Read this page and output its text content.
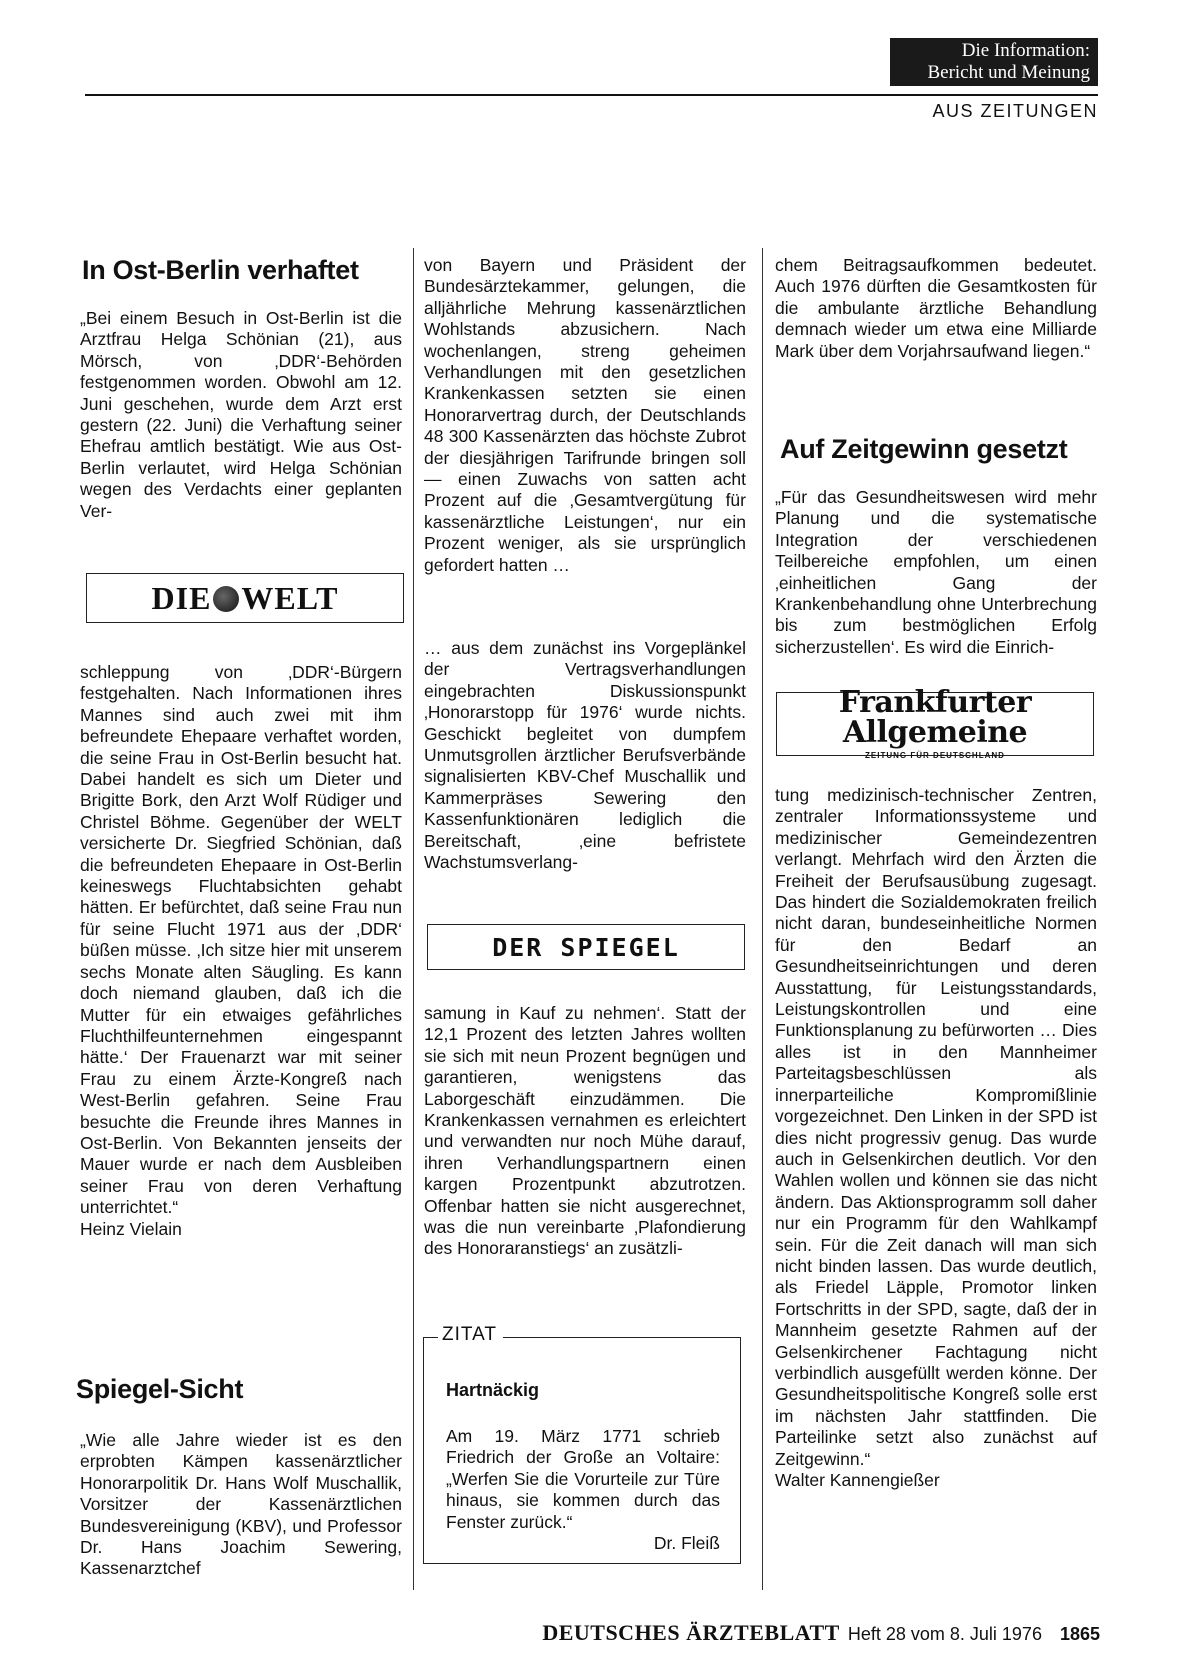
Die Information:
Bericht und Meinung
AUS ZEITUNGEN
In Ost-Berlin verhaftet

„Bei einem Besuch in Ost-Berlin ist die Arztfrau Helga Schönian (21), aus Mörsch, von ‚DDR‘-Behörden festgenommen worden. Obwohl am 12. Juni geschehen, wurde dem Arzt erst gestern (22. Juni) die Verhaftung seiner Ehefrau amtlich bestätigt. Wie aus Ost-Berlin verlautet, wird Helga Schönian wegen des Verdachts einer geplanten Ver-

DIE WELT

schleppung von ‚DDR‘-Bürgern festgehalten. Nach Informationen ihres Mannes sind auch zwei mit ihm befreundete Ehepaare verhaftet worden, die seine Frau in Ost-Berlin besucht hat. Dabei handelt es sich um Dieter und Brigitte Bork, den Arzt Wolf Rüdiger und Christel Böhme. Gegenüber der WELT versicherte Dr. Siegfried Schönian, daß die befreundeten Ehepaare in Ost-Berlin keineswegs Fluchtabsichten gehabt hätten. Er befürchtet, daß seine Frau nun für seine Flucht 1971 aus der ‚DDR‘ büßen müsse. ‚Ich sitze hier mit unserem sechs Monate alten Säugling. Es kann doch niemand glauben, daß ich die Mutter für ein etwaiges gefährliches Fluchthilfeunternehmen eingespannt hätte.‘ Der Frauenarzt war mit seiner Frau zu einem Ärzte-Kongreß nach West-Berlin gefahren. Seine Frau besuchte die Freunde ihres Mannes in Ost-Berlin. Von Bekannten jenseits der Mauer wurde er nach dem Ausbleiben seiner Frau von deren Verhaftung unterrichtet.“

Heinz Vielain

Spiegel-Sicht

„Wie alle Jahre wieder ist es den erprobten Kämpen kassenärztlicher Honorarpolitik Dr. Hans Wolf Muschallik, Vorsitzer der Kassenärztlichen Bundesvereinigung (KBV), und Professor Dr. Hans Joachim Sewering, Kassenarztchef

von Bayern und Präsident der Bundesärztekammer, gelungen, die alljährliche Mehrung kassenärztlichen Wohlstands abzusichern. Nach wochenlangen, streng geheimen Verhandlungen mit den gesetzlichen Krankenkassen setzten sie einen Honorarvertrag durch, der Deutschlands 48 300 Kassenärzten das höchste Zubrot der diesjährigen Tarifrunde bringen soll — einen Zuwachs von satten acht Prozent auf die ‚Gesamtvergütung für kassenärztliche Leistungen‘, nur ein Prozent weniger, als sie ursprünglich gefordert hatten …

… aus dem zunächst ins Vorgeplänkel der Vertragsverhandlungen eingebrachten Diskussionspunkt ‚Honorarstopp für 1976‘ wurde nichts. Geschickt begleitet von dumpfem Unmutsgrollen ärztlicher Berufsverbände signalisierten KBV-Chef Muschallik und Kammerpräses Sewering den Kassenfunktionären lediglich die Bereitschaft, ‚eine befristete Wachstumsverlang-

DER SPIEGEL

samung in Kauf zu nehmen‘. Statt der 12,1 Prozent des letzten Jahres wollten sie sich mit neun Prozent begnügen und garantieren, wenigstens das Laborgeschäft einzudämmen. Die Krankenkassen vernahmen es erleichtert und verwandten nur noch Mühe darauf, ihren Verhandlungspartnern einen kargen Prozentpunkt abzutrotzen. Offenbar hatten sie nicht ausgerechnet, was die nun vereinbarte ‚Plafondierung des Honoraranstiegs‘ an zusätzli-

ZITAT
Hartnäckig

Am 19. März 1771 schrieb Friedrich der Große an Voltaire: „Werfen Sie die Vorurteile zur Türe hinaus, sie kommen durch das Fenster zurück.“

Dr. Fleiß

chem Beitragsaufkommen bedeutet. Auch 1976 dürften die Gesamtkosten für die ambulante ärztliche Behandlung demnach wieder um etwa eine Milliarde Mark über dem Vorjahrsaufwand liegen.“

Auf Zeitgewinn gesetzt

„Für das Gesundheitswesen wird mehr Planung und die systematische Integration der verschiedenen Teilbereiche empfohlen, um einen ‚einheitlichen Gang der Krankenbehandlung ohne Unterbrechung bis zum bestmöglichen Erfolg sicherzustellen‘. Es wird die Einrich-

Frankfurter Allgemeine
ZEITUNG FÜR DEUTSCHLAND

tung medizinisch-technischer Zentren, zentraler Informationssysteme und medizinischer Gemeindezentren verlangt. Mehrfach wird den Ärzten die Freiheit der Berufsausübung zugesagt. Das hindert die Sozialdemokraten freilich nicht daran, bundeseinheitliche Normen für den Bedarf an Gesundheitseinrichtungen und deren Ausstattung, für Leistungsstandards, Leistungskontrollen und eine Funktionsplanung zu befürworten … Dies alles ist in den Mannheimer Parteitagsbeschlüssen als innerparteiliche Kompromißlinie vorgezeichnet. Den Linken in der SPD ist dies nicht progressiv genug. Das wurde auch in Gelsenkirchen deutlich. Vor den Wahlen wollen und können sie das nicht ändern. Das Aktionsprogramm soll daher nur ein Programm für den Wahlkampf sein. Für die Zeit danach will man sich nicht binden lassen. Das wurde deutlich, als Friedel Läpple, Promotor linken Fortschritts in der SPD, sagte, daß der in Mannheim gesetzte Rahmen auf der Gelsenkirchener Fachtagung nicht verbindlich ausgefüllt werden könne. Der Gesundheitspolitische Kongreß solle erst im nächsten Jahr stattfinden. Die Parteilinke setzt also zunächst auf Zeitgewinn.“

Walter Kannengießer

DEUTSCHES ÄRZTEBLATT Heft 28 vom 8. Juli 1976 1865
